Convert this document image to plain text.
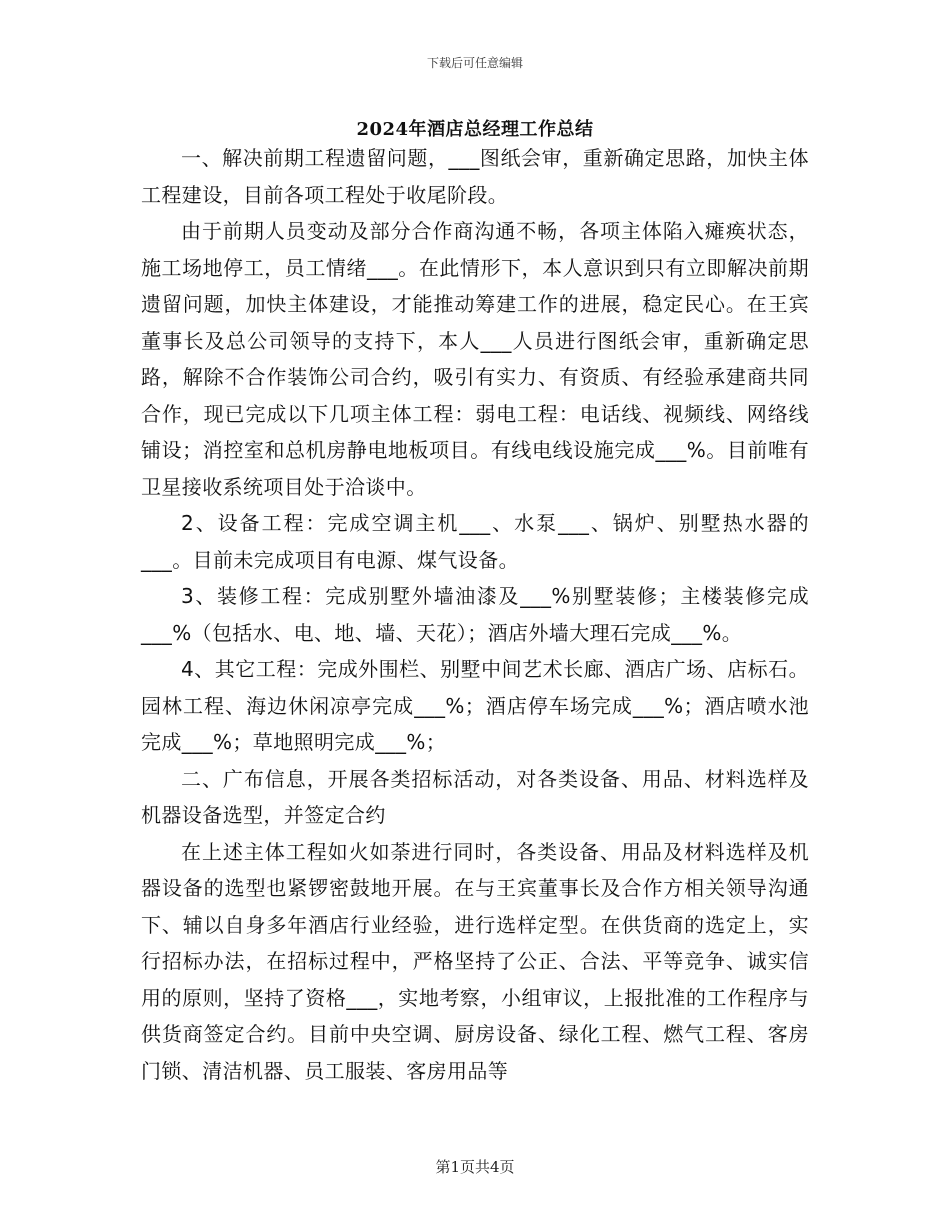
下载后可任意编辑
2024年酒店总经理工作总结

一、解决前期工程遗留问题，___图纸会审，重新确定思路，加快主体工程建设，目前各项工程处于收尾阶段。

由于前期人员变动及部分合作商沟通不畅，各项主体陷入瘫痪状态，施工场地停工，员工情绪___。在此情形下，本人意识到只有立即解决前期遗留问题，加快主体建设，才能推动筹建工作的进展，稳定民心。在王宾董事长及总公司领导的支持下，本人___人员进行图纸会审，重新确定思路，解除不合作装饰公司合约，吸引有实力、有资质、有经验承建商共同合作，现已完成以下几项主体工程：弱电工程：电话线、视频线、网络线铺设；消控室和总机房静电地板项目。有线电线设施完成___%。目前唯有卫星接收系统项目处于洽谈中。

2、设备工程：完成空调主机___、水泵___、锅炉、别墅热水器的___。目前未完成项目有电源、煤气设备。

3、装修工程：完成别墅外墙油漆及___%别墅装修；主楼装修完成___%（包括水、电、地、墙、天花）；酒店外墙大理石完成___%。

4、其它工程：完成外围栏、别墅中间艺术长廊、酒店广场、店标石。园林工程、海边休闲凉亭完成___%；酒店停车场完成___%；酒店喷水池完成___%；草地照明完成___%；

二、广布信息，开展各类招标活动，对各类设备、用品、材料选样及机器设备选型，并签定合约

在上述主体工程如火如荼进行同时，各类设备、用品及材料选样及机器设备的选型也紧锣密鼓地开展。在与王宾董事长及合作方相关领导沟通下、辅以自身多年酒店行业经验，进行选样定型。在供货商的选定上，实行招标办法，在招标过程中，严格坚持了公正、合法、平等竞争、诚实信用的原则，坚持了资格___，实地考察，小组审议，上报批准的工作程序与供货商签定合约。目前中央空调、厨房设备、绿化工程、燃气工程、客房门锁、清洁机器、员工服装、客房用品等

第1页共4页
